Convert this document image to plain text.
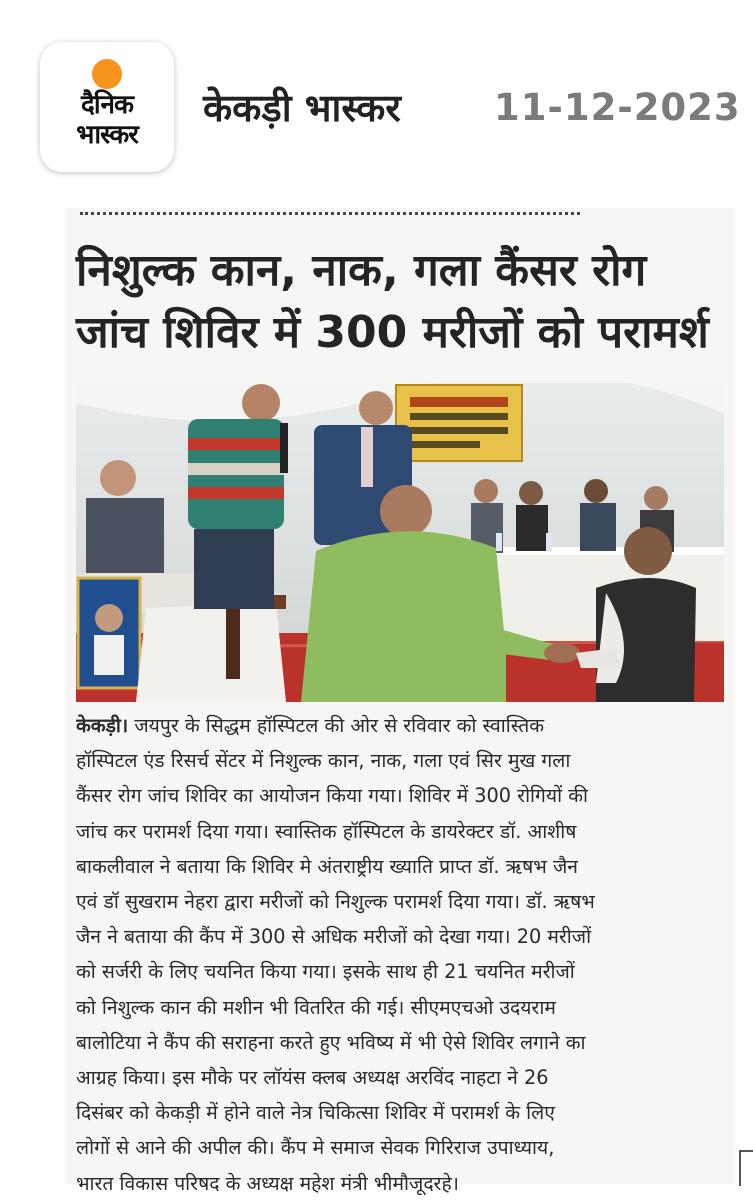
दैनिक
भास्कर
केकड़ी भास्कर	11-12-2023
निशुल्क कान, नाक, गला कैंसर रोग
जांच शिविर में 300 मरीजों को परामर्श
केकड़ी। जयपुर के सिद्धम हॉस्पिटल की ओर से रविवार को स्वास्तिक
हॉस्पिटल एंड रिसर्च सेंटर में निशुल्क कान, नाक, गला एवं सिर मुख गला
कैंसर रोग जांच शिविर का आयोजन किया गया। शिविर में 300 रोगियों की
जांच कर परामर्श दिया गया। स्वास्तिक हॉस्पिटल के डायरेक्टर डॉ. आशीष
बाकलीवाल ने बताया कि शिविर मे अंतराष्ट्रीय ख्याति प्राप्त डॉ. ऋषभ जैन
एवं डॉ सुखराम नेहरा द्वारा मरीजों को निशुल्क परामर्श दिया गया। डॉ. ऋषभ
जैन ने बताया की कैंप में 300 से अधिक मरीजों को देखा गया। 20 मरीजों
को सर्जरी के लिए चयनित किया गया। इसके साथ ही 21 चयनित मरीजों
को निशुल्क कान की मशीन भी वितरित की गई। सीएमएचओ उदयराम
बालोटिया ने कैंप की सराहना करते हुए भविष्य में भी ऐसे शिविर लगाने का
आग्रह किया। इस मौके पर लॉयंस क्लब अध्यक्ष अरविंद नाहटा ने 26
दिसंबर को केकड़ी में होने वाले नेत्र चिकित्सा शिविर में परामर्श के लिए
लोगों से आने की अपील की। कैंप मे समाज सेवक गिरिराज उपाध्याय,
भारत विकास परिषद के अध्यक्ष महेश मंत्री भीमौजूदरहे।
